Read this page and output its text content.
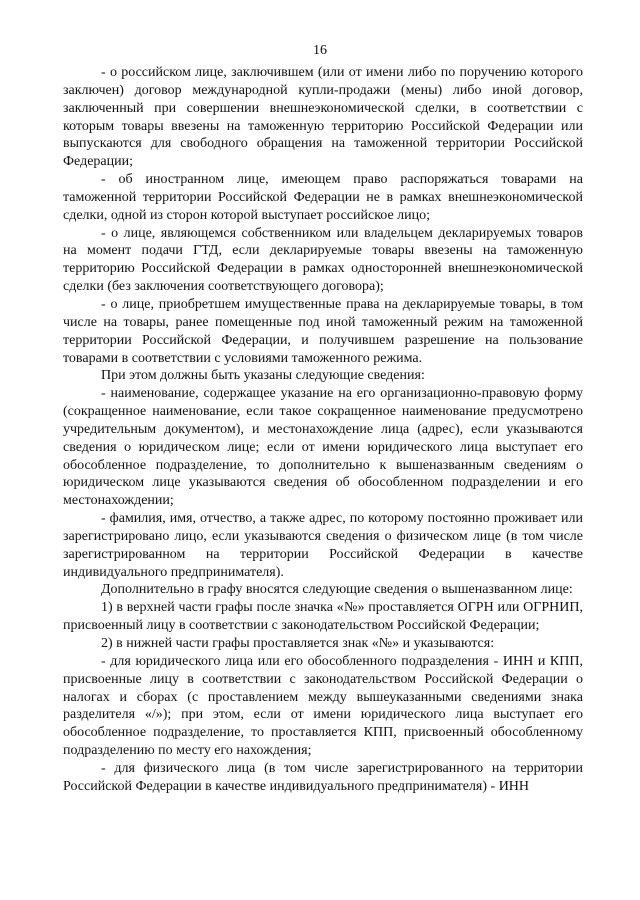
16

- о российском лице, заключившем (или от имени либо по поручению которого заключен) договор международной купли-продажи (мены) либо иной договор, заключенный при совершении внешнеэкономической сделки, в соответствии с которым товары ввезены на таможенную территорию Российской Федерации или выпускаются для свободного обращения на таможенной территории Российской Федерации;

- об иностранном лице, имеющем право распоряжаться товарами на таможенной территории Российской Федерации не в рамках внешнеэкономической сделки, одной из сторон которой выступает российское лицо;

- о лице, являющемся собственником или владельцем декларируемых товаров на момент подачи ГТД, если декларируемые товары ввезены на таможенную территорию Российской Федерации в рамках односторонней внешнеэкономической сделки (без заключения соответствующего договора);

- о лице, приобретшем имущественные права на декларируемые товары, в том числе на товары, ранее помещенные под иной таможенный режим на таможенной территории Российской Федерации, и получившем разрешение на пользование товарами в соответствии с условиями таможенного режима.

При этом должны быть указаны следующие сведения:

- наименование, содержащее указание на его организационно-правовую форму (сокращенное наименование, если такое сокращенное наименование предусмотрено учредительным документом), и местонахождение лица (адрес), если указываются сведения о юридическом лице; если от имени юридического лица выступает его обособленное подразделение, то дополнительно к вышеназванным сведениям о юридическом лице указываются сведения об обособленном подразделении и его местонахождении;

- фамилия, имя, отчество, а также адрес, по которому постоянно проживает или зарегистрировано лицо, если указываются сведения о физическом лице (в том числе зарегистрированном на территории Российской Федерации в качестве индивидуального предпринимателя).

Дополнительно в графу вносятся следующие сведения о вышеназванном лице:

1) в верхней части графы после значка «№» проставляется ОГРН или ОГРНИП, присвоенный лицу в соответствии с законодательством Российской Федерации;

2) в нижней части графы проставляется знак «№» и указываются:

- для юридического лица или его обособленного подразделения - ИНН и КПП, присвоенные лицу в соответствии с законодательством Российской Федерации о налогах и сборах (с проставлением между вышеуказанными сведениями знака разделителя «/»); при этом, если от имени юридического лица выступает его обособленное подразделение, то проставляется КПП, присвоенный обособленному подразделению по месту его нахождения;

- для физического лица (в том числе зарегистрированного на территории Российской Федерации в качестве индивидуального предпринимателя) - ИНН
